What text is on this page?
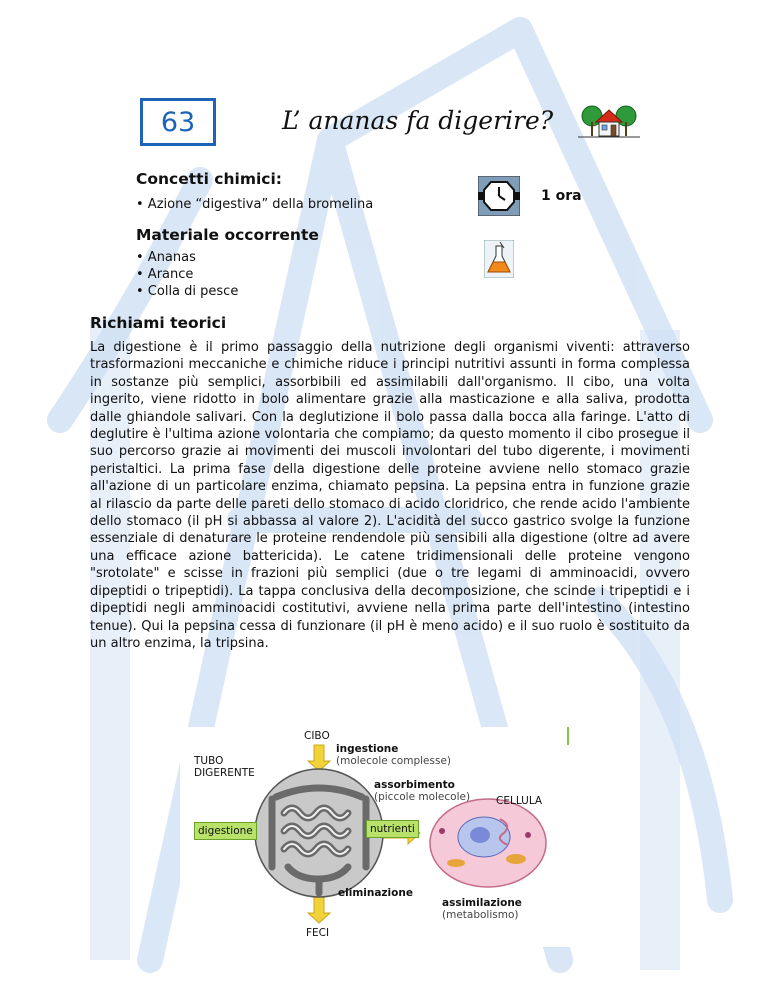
63	L’ ananas fa digerire?
Concetti chimici:
• Azione “digestiva” della bromelina
1 ora
Materiale occorrente
• Ananas
• Arance
• Colla di pesce
Richiami teorici
La digestione è il primo passaggio della nutrizione degli organismi viventi: attraverso trasformazioni meccaniche e chimiche riduce i principi nutritivi assunti in forma complessa in sostanze più semplici, assorbibili ed assimilabili dall'organismo. Il cibo, una volta ingerito, viene ridotto in bolo alimentare grazie alla masticazione e alla saliva, prodotta dalle ghiandole salivari. Con la deglutizione il bolo passa dalla bocca alla faringe. L'atto di deglutire è l'ultima azione volontaria che compiamo; da questo momento il cibo prosegue il suo percorso grazie ai movimenti dei muscoli involontari del tubo digerente, i movimenti peristaltici. La prima fase della digestione delle proteine avviene nello stomaco grazie all'azione di un particolare enzima, chiamato pepsina. La pepsina entra in funzione grazie al rilascio da parte delle pareti dello stomaco di acido cloridrico, che rende acido l'ambiente dello stomaco (il pH si abbassa al valore 2). L'acidità del succo gastrico svolge la funzione essenziale di denaturare le proteine rendendole più sensibili alla digestione (oltre ad avere una efficace azione battericida). Le catene tridimensionali delle proteine vengono "srotolate" e scisse in frazioni più semplici (due o tre legami di amminoacidi, ovvero dipeptidi o tripeptidi). La tappa conclusiva della decomposizione, che scinde i tripeptidi e i dipeptidi negli amminoacidi costitutivi, avviene nella prima parte dell'intestino (intestino tenue). Qui la pepsina cessa di funzionare (il pH è meno acido) e il suo ruolo è sostituito da un altro enzima, la tripsina.
CIBO
TUBO
DIGERENTE
ingestione
(molecole complesse)
assorbimento
(piccole molecole) CELLULA
digestione	nutrienti
eliminazione
assimilazione
(metabolismo)
FECI
